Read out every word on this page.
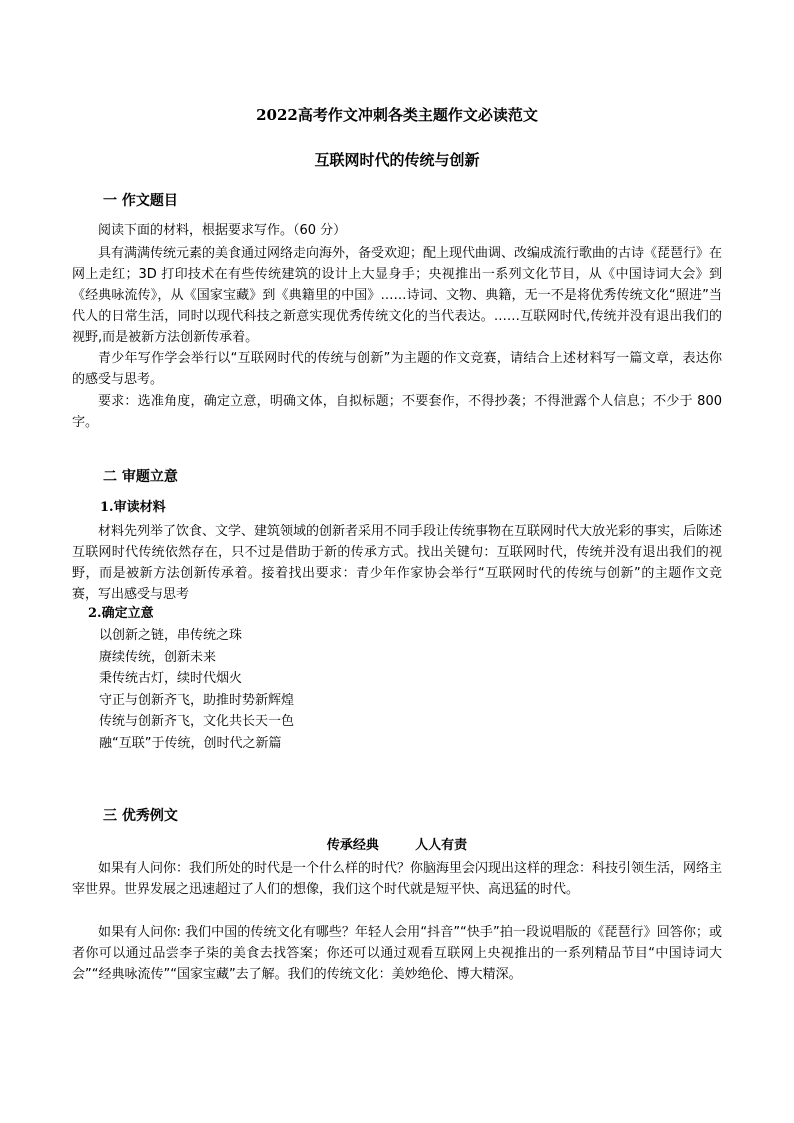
2022高考作文冲刺各类主题作文必读范文
互联网时代的传统与创新
一 作文题目

阅读下面的材料，根据要求写作。（60 分）

具有满满传统元素的美食通过网络走向海外，备受欢迎；配上现代曲调、改编成流行歌曲的古诗《琵琶行》在网上走红；3D 打印技术在有些传统建筑的设计上大显身手；央视推出一系列文化节目，从《中国诗词大会》到《经典咏流传》，从《国家宝藏》到《典籍里的中国》……诗词、文物、典籍，无一不是将优秀传统文化“照进”当代人的日常生活，同时以现代科技之新意实现优秀传统文化的当代表达。……互联网时代,传统并没有退出我们的视野,而是被新方法创新传承着。

青少年写作学会举行以“互联网时代的传统与创新”为主题的作文竞赛，请结合上述材料写一篇文章，表达你的感受与思考。

要求：选准角度，确定立意，明确文体，自拟标题；不要套作，不得抄袭；不得泄露个人信息；不少于 800字。

二 审题立意
1.审读材料

材料先列举了饮食、文学、建筑领域的创新者采用不同手段让传统事物在互联网时代大放光彩的事实，后陈述互联网时代传统依然存在，只不过是借助于新的传承方式。找出关键句：互联网时代，传统并没有退出我们的视野，而是被新方法创新传承着。接着找出要求：青少年作家协会举行“互联网时代的传统与创新”的主题作文竞赛，写出感受与思考

2.确定立意
以创新之链，串传统之珠
赓续传统，创新未来
秉传统古灯，续时代烟火
守正与创新齐飞，助推时势新辉煌
传统与创新齐飞，文化共长天一色
融“互联”于传统，创时代之新篇
三 优秀例文
传承经典        人人有责

如果有人问你：我们所处的时代是一个什么样的时代？你脑海里会闪现出这样的理念：科技引领生活，网络主宰世界。世界发展之迅速超过了人们的想像，我们这个时代就是短平快、高迅猛的时代。

如果有人问你: 我们中国的传统文化有哪些？年轻人会用“抖音”“快手”拍一段说唱版的《琵琶行》回答你；或者你可以通过品尝李子柒的美食去找答案；你还可以通过观看互联网上央视推出的一系列精品节目“中国诗词大会”“经典咏流传”“国家宝藏”去了解。我们的传统文化：美妙绝伦、博大精深。
